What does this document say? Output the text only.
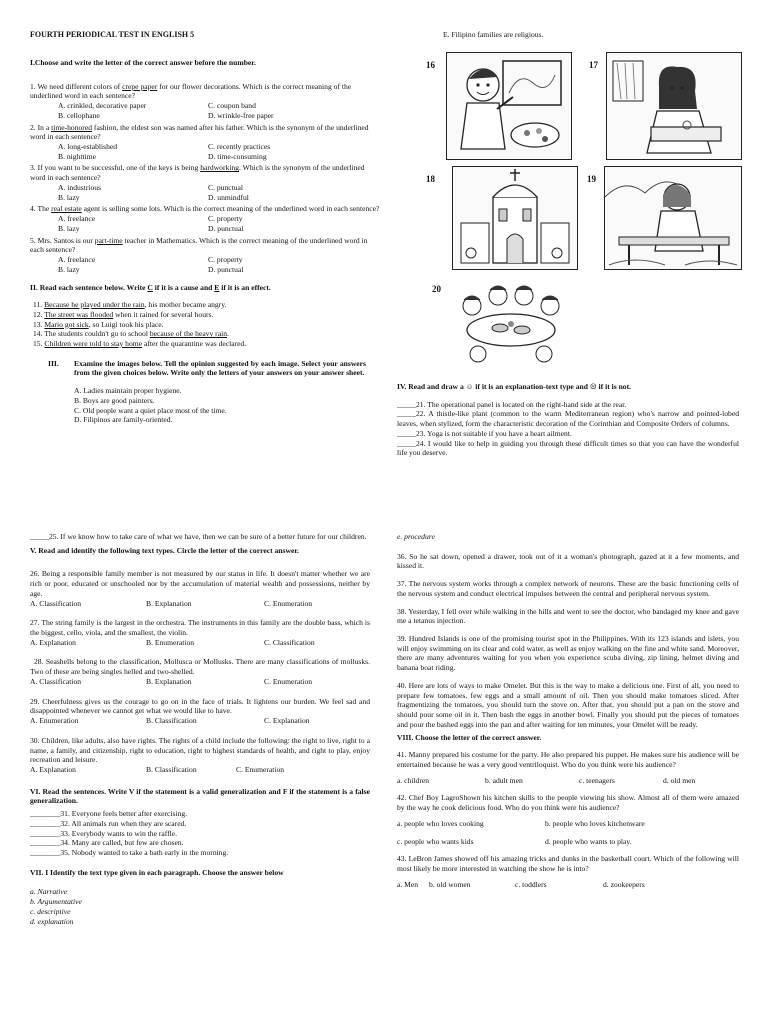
FOURTH PERIODICAL TEST IN ENGLISH 5

I.Choose and write the letter of the correct answer before the number.

1. We need different colors of crepe paper for our flower decorations. Which is the correct meaning of the underlined word in each sentence?

A. crinkled, decorative paper	C. coupon band
B. cellophane	D. wrinkle-free paper

2. In a time-honored fashion, the eldest son was named after his father. Which is the synonym of the underlined word in each sentence?

A. long-established	C. recently practices
B. nighttime	D. time-consuming

3. If you want to be successful, one of the keys is being hardworking. Which is the synonym of the underlined word in each sentence?

A. industrious	C. punctual
B. lazy	D. unmindful

4. The real estate agent is selling some lots. Which is the correct meaning of the underlined word in each sentence?

A. freelance	C. property
B. lazy	D. punctual

5. Mrs. Santos is our part-time teacher in Mathematics. Which is the correct meaning of the underlined word in each sentence?

A. freelance	C. property
B. lazy	D. punctual

II. Read each sentence below. Write C if it is a cause and E if it is an effect.

11. Because he played under the rain, his mother became angry.

12. The street was flooded when it rained for several hours.

13. Mario got sick, so Luigi took his place.

14. The students couldn't go to school because of the heavy rain.

15. Children were told to stay home after the quarantine was declared.

III.	Examine the images below. Tell the opinion suggested by each image. Select your answers from the given choices below. Write only the letters of your answers on your answer sheet.

A. Ladies maintain proper hygiene.

B. Boys are good painters.

C. Old people want a quiet place most of the time.

D. Filipinos are family-oriented.

E. Filipino families are religious.
16	17
18	19
20

IV. Read and draw a ☺ if it is an explanation-text type and ☹ if it is not.

_____21. The operational panel is located on the right-hand side at the rear.

_____22. A thistle-like plant (common to the warm Mediterranean region) who's narrow and pointed-lobed leaves, when stylized, form the characteristic decoration of the Corinthian and Composite Orders of columns.

_____23. Yoga is not suitable if you have a heart ailment.

_____24. I would like to help in guiding you through these difficult times so that you can have the wonderful life you deserve.

_____25. If we know how to take care of what we have, then we can be sure of a better future for our children.

V. Read and identify the following text types. Circle the letter of the correct answer.

26. Being a responsible family member is not measured by our status in life. It doesn't matter whether we are rich or poor, educated or unschooled nor by the accumulation of material wealth and possessions, neither by age.

A. Classification	B. Explanation	C. Enumeration

27. The string family is the largest in the orchestra. The instruments in this family are the double bass, which is the biggest, cello, viola, and the smallest, the violin.

A. Explanation	B. Enumeration	C. Classification

28. Seashells belong to the classification, Mollusca or Mollusks. There are many classifications of mollusks. Two of these are being singles helled and two-shelled.

A. Classification	B. Explanation	C. Enumeration

29. Cheerfulness gives us the courage to go on in the face of trials. It lightens our burden. We feel sad and disappointed whenever we cannot get what we would like to have.

A. Enumeration	B. Classification	C. Explanation

30. Children, like adults, also have rights. The rights of a child include the following: the right to live, right to a name, a family, and citizenship, right to education, right to highest standards of health, and right to play, enjoy recreation and leisure.

A. Explanation	B. Classification	C. Enumeration

VI. Read the sentences. Write V if the statement is a valid generalization and F if the statement is a false generalization.

________31. Everyone feels better after exercising.

________32. All animals run when they are scared.

________33. Everybody wants to win the raffle.

________34. Many are called, but few are chosen.

________35. Nobody wanted to take a bath early in the morning.

VII. I Identify the text type given in each paragraph. Choose the answer below

a. Narrative

b. Argumentative

c. descriptive

d. explanation

e. procedure

36. So he sat down, opened a drawer, took out of it a woman's photograph, gazed at it a few moments, and kissed it.

37. The nervous system works through a complex network of neurons. These are the basic functioning cells of the nervous system and conduct electrical impulses between the central and peripheral nervous system.

38. Yesterday, I fell over while walking in the hills and went to see the doctor, who bandaged my knee and gave me a tetanus injection.

39. Hundred Islands is one of the promising tourist spot in the Philippines. With its 123 islands and islets, you will enjoy swimming on its clear and cold water, as well as enjoy walking on the fine and white sand. Moreover, there are many adventures waiting for you when you experience scuba diving, zip lining, helmet diving and banana boat riding.

40. Here are lots of ways to make Omelet. But this is the way to make a delicious one. First of all, you need to prepare few tomatoes, few eggs and a small amount of oil. Then you should make tomatoes sliced. After fragmentizing the tomatoes, you should turn the stove on. After that, you should put a pan on the stove and should pour some oil in it. Then bash the eggs in another bowl. Finally you should put the pieces of tomatoes and pour the bashed eggs into the pan and after waiting for ten minutes, your Omelet will be ready.

VIII. Choose the letter of the correct answer.

41. Manny prepared his costume for the party. He also prepared his puppet. He makes sure his audience will be entertained because he was a very good ventriloquist. Who do you think were his audience?

a. children	b. adult men	c. teenagers	d. old men

42. Chef Boy LagroShown his kitchen skills to the people viewing his show. Almost all of them were amazed by the way he cook delicious food. Who do you think were his audience?

a. people who loves cooking	b. people who loves kitchenware
c. people who wants kids	d. people who wants to play.

43. LeBron James showed off his amazing tricks and dunks in the basketball court. Which of the following will most likely be more interested in watching the show he is into?

a. Men	b. old women	c. toddlers	d. zookeepers
